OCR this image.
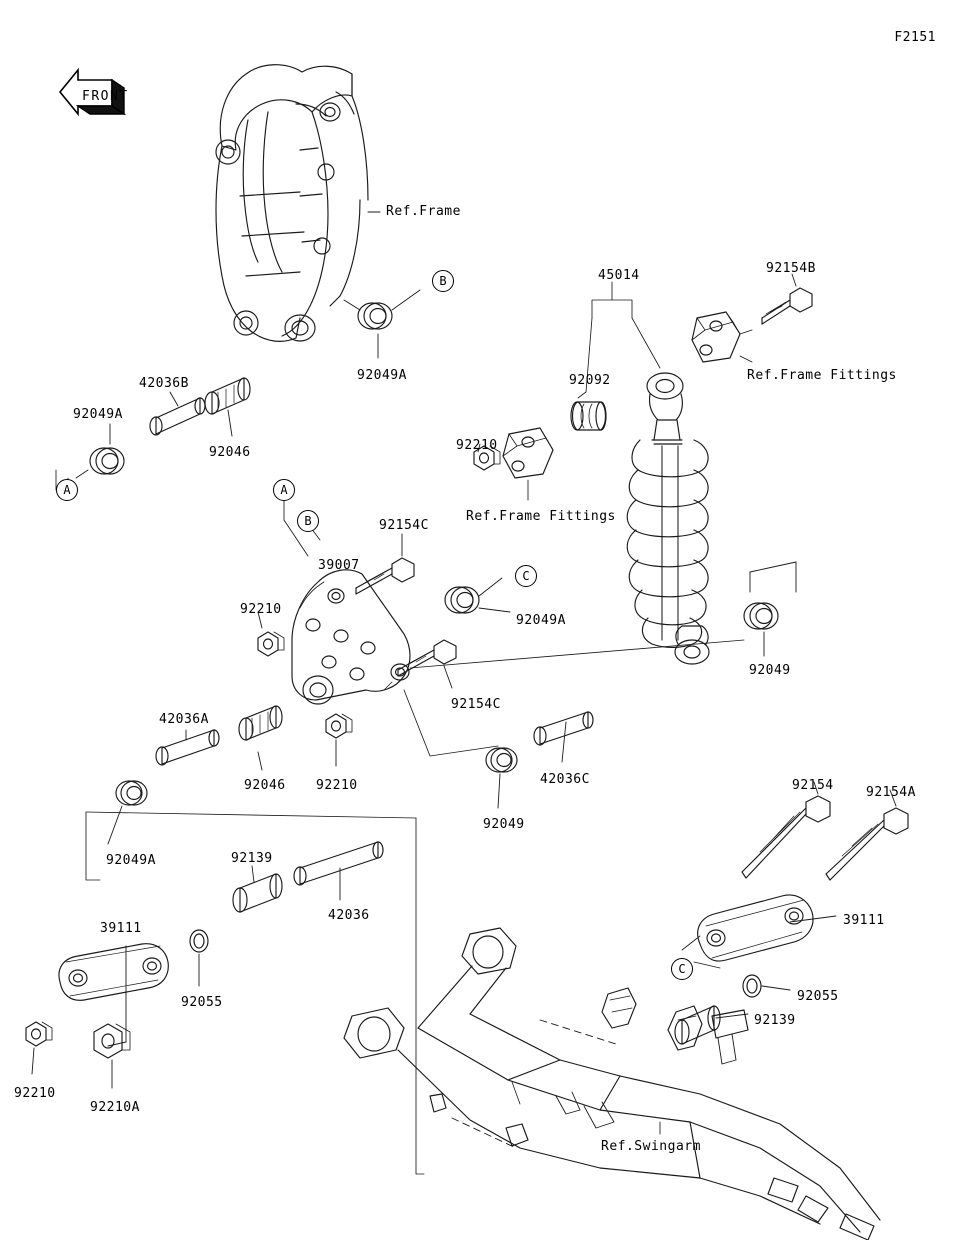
F2151
FRONT
Ref.Frame
Ref.Frame Fittings
Ref.Frame Fittings
Ref.Swingarm
92049A
42036B
92049A
92046
45014	92154B
92092
92210
92154C
39007
92049A
92210
92049
92154C
42036A
92046 92210	42036C
92049
92049A	92139
42036
39111
92055
92210
92210A
92154 92154A
39111
92055
92139
B
A	A
B
C
C
